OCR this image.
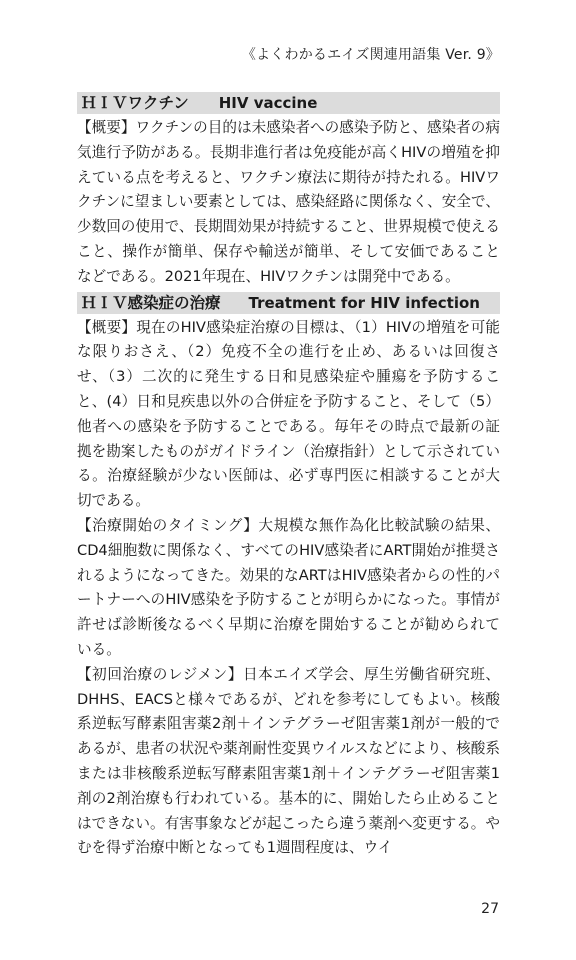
《よくわかるエイズ関連用語集 Ver. 9》
ＨＩＶワクチン HIV vaccine

【概要】ワクチンの目的は未感染者への感染予防と、感染者の病気進行予防がある。長期非進行者は免疫能が高くHIVの増殖を抑えている点を考えると、ワクチン療法に期待が持たれる。HIVワクチンに望ましい要素としては、感染経路に関係なく、安全で、少数回の使用で、長期間効果が持続すること、世界規模で使えること、操作が簡単、保存や輸送が簡単、そして安価であることなどである。2021年現在、HIVワクチンは開発中である。

ＨＩＶ感染症の治療 Treatment for HIV infection

【概要】現在のHIV感染症治療の目標は、（1）HIVの増殖を可能な限りおさえ、（2）免疫不全の進行を止め、あるいは回復させ、（3）二次的に発生する日和見感染症や腫瘍を予防すること、(4）日和見疾患以外の合併症を予防すること、そして（5）他者への感染を予防することである。毎年その時点で最新の証拠を勘案したものがガイドライン（治療指針）として示されている。治療経験が少ない医師は、必ず専門医に相談することが大切である。

【治療開始のタイミング】大規模な無作為化比較試験の結果、CD4細胞数に関係なく、すべてのHIV感染者にART開始が推奨されるようになってきた。効果的なARTはHIV感染者からの性的パートナーへのHIV感染を予防することが明らかになった。事情が許せば診断後なるべく早期に治療を開始することが勧められている。

【初回治療のレジメン】日本エイズ学会、厚生労働省研究班、DHHS、EACSと様々であるが、どれを参考にしてもよい。核酸系逆転写酵素阻害薬2剤＋インテグラーゼ阻害薬1剤が一般的であるが、患者の状況や薬剤耐性変異ウイルスなどにより、核酸系または非核酸系逆転写酵素阻害薬1剤＋インテグラーゼ阻害薬1剤の2剤治療も行われている。基本的に、開始したら止めることはできない。有害事象などが起こったら違う薬剤へ変更する。やむを得ず治療中断となっても1週間程度は、ウイ

27
